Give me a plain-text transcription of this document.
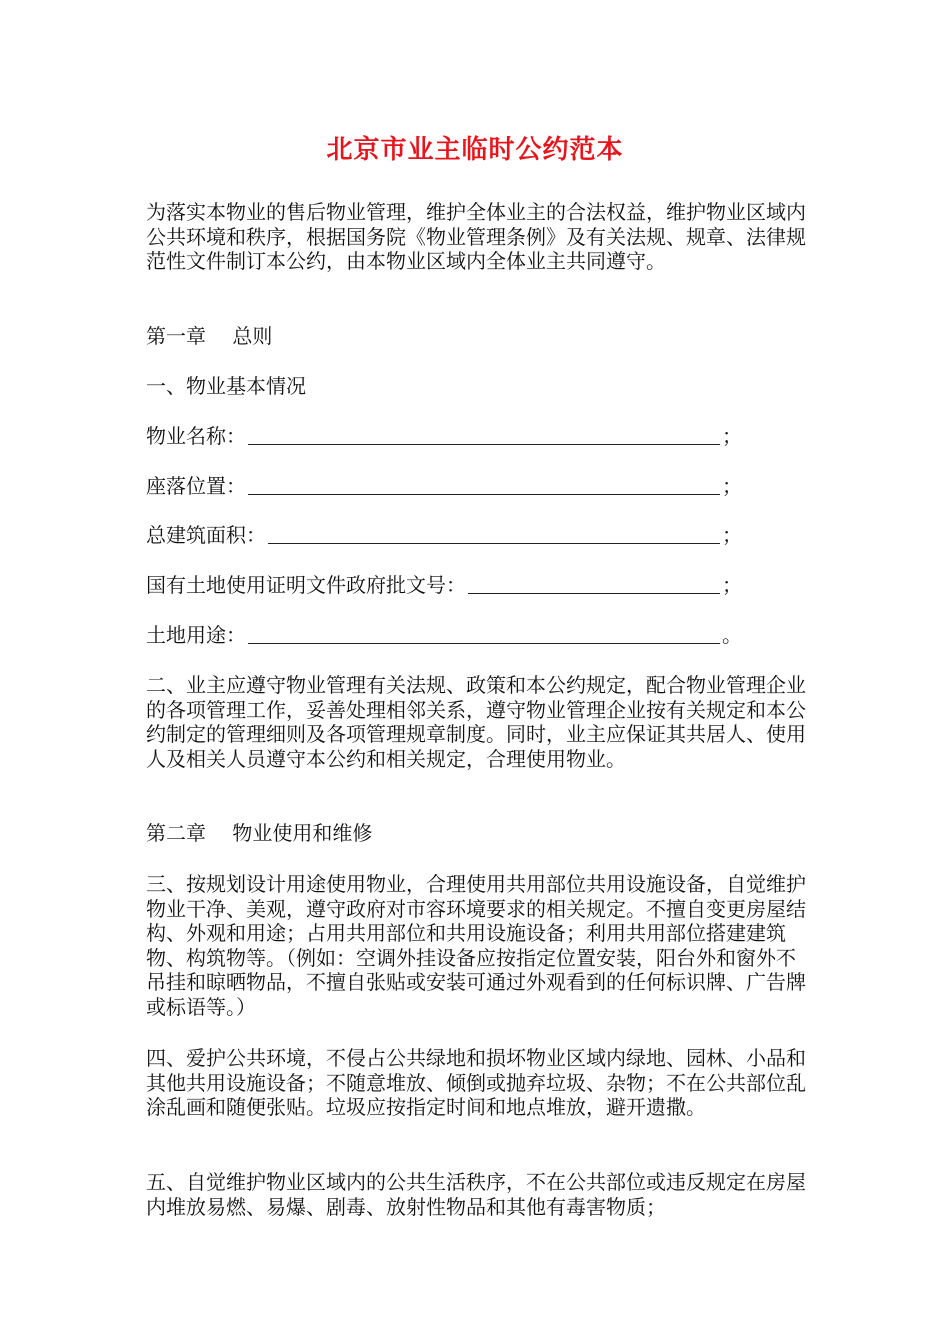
北京市业主临时公约范本
为落实本物业的售后物业管理，维护全体业主的合法权益，维护物业区域内公共环境和秩序，根据国务院《物业管理条例》及有关法规、规章、法律规范性文件制订本公约，由本物业区域内全体业主共同遵守。
第一章　 总则
一、物业基本情况
物业名称：	；
座落位置：	；
总建筑面积：	；
国有土地使用证明文件政府批文号：	；
土地用途：	。
二、业主应遵守物业管理有关法规、政策和本公约规定，配合物业管理企业的各项管理工作，妥善处理相邻关系，遵守物业管理企业按有关规定和本公约制定的管理细则及各项管理规章制度。同时，业主应保证其共居人、使用人及相关人员遵守本公约和相关规定，合理使用物业。
第二章　 物业使用和维修
三、按规划设计用途使用物业，合理使用共用部位共用设施设备，自觉维护物业干净、美观，遵守政府对市容环境要求的相关规定。不擅自变更房屋结构、外观和用途；占用共用部位和共用设施设备；利用共用部位搭建建筑物、构筑物等。（例如：空调外挂设备应按指定位置安装，阳台外和窗外不吊挂和晾晒物品，不擅自张贴或安装可通过外观看到的任何标识牌、广告牌或标语等。）
四、爱护公共环境，不侵占公共绿地和损坏物业区域内绿地、园林、小品和其他共用设施设备；不随意堆放、倾倒或抛弃垃圾、杂物；不在公共部位乱涂乱画和随便张贴。垃圾应按指定时间和地点堆放，避开遗撒。
五、自觉维护物业区域内的公共生活秩序，不在公共部位或违反规定在房屋内堆放易燃、易爆、剧毒、放射性物品和其他有毒害物质；
